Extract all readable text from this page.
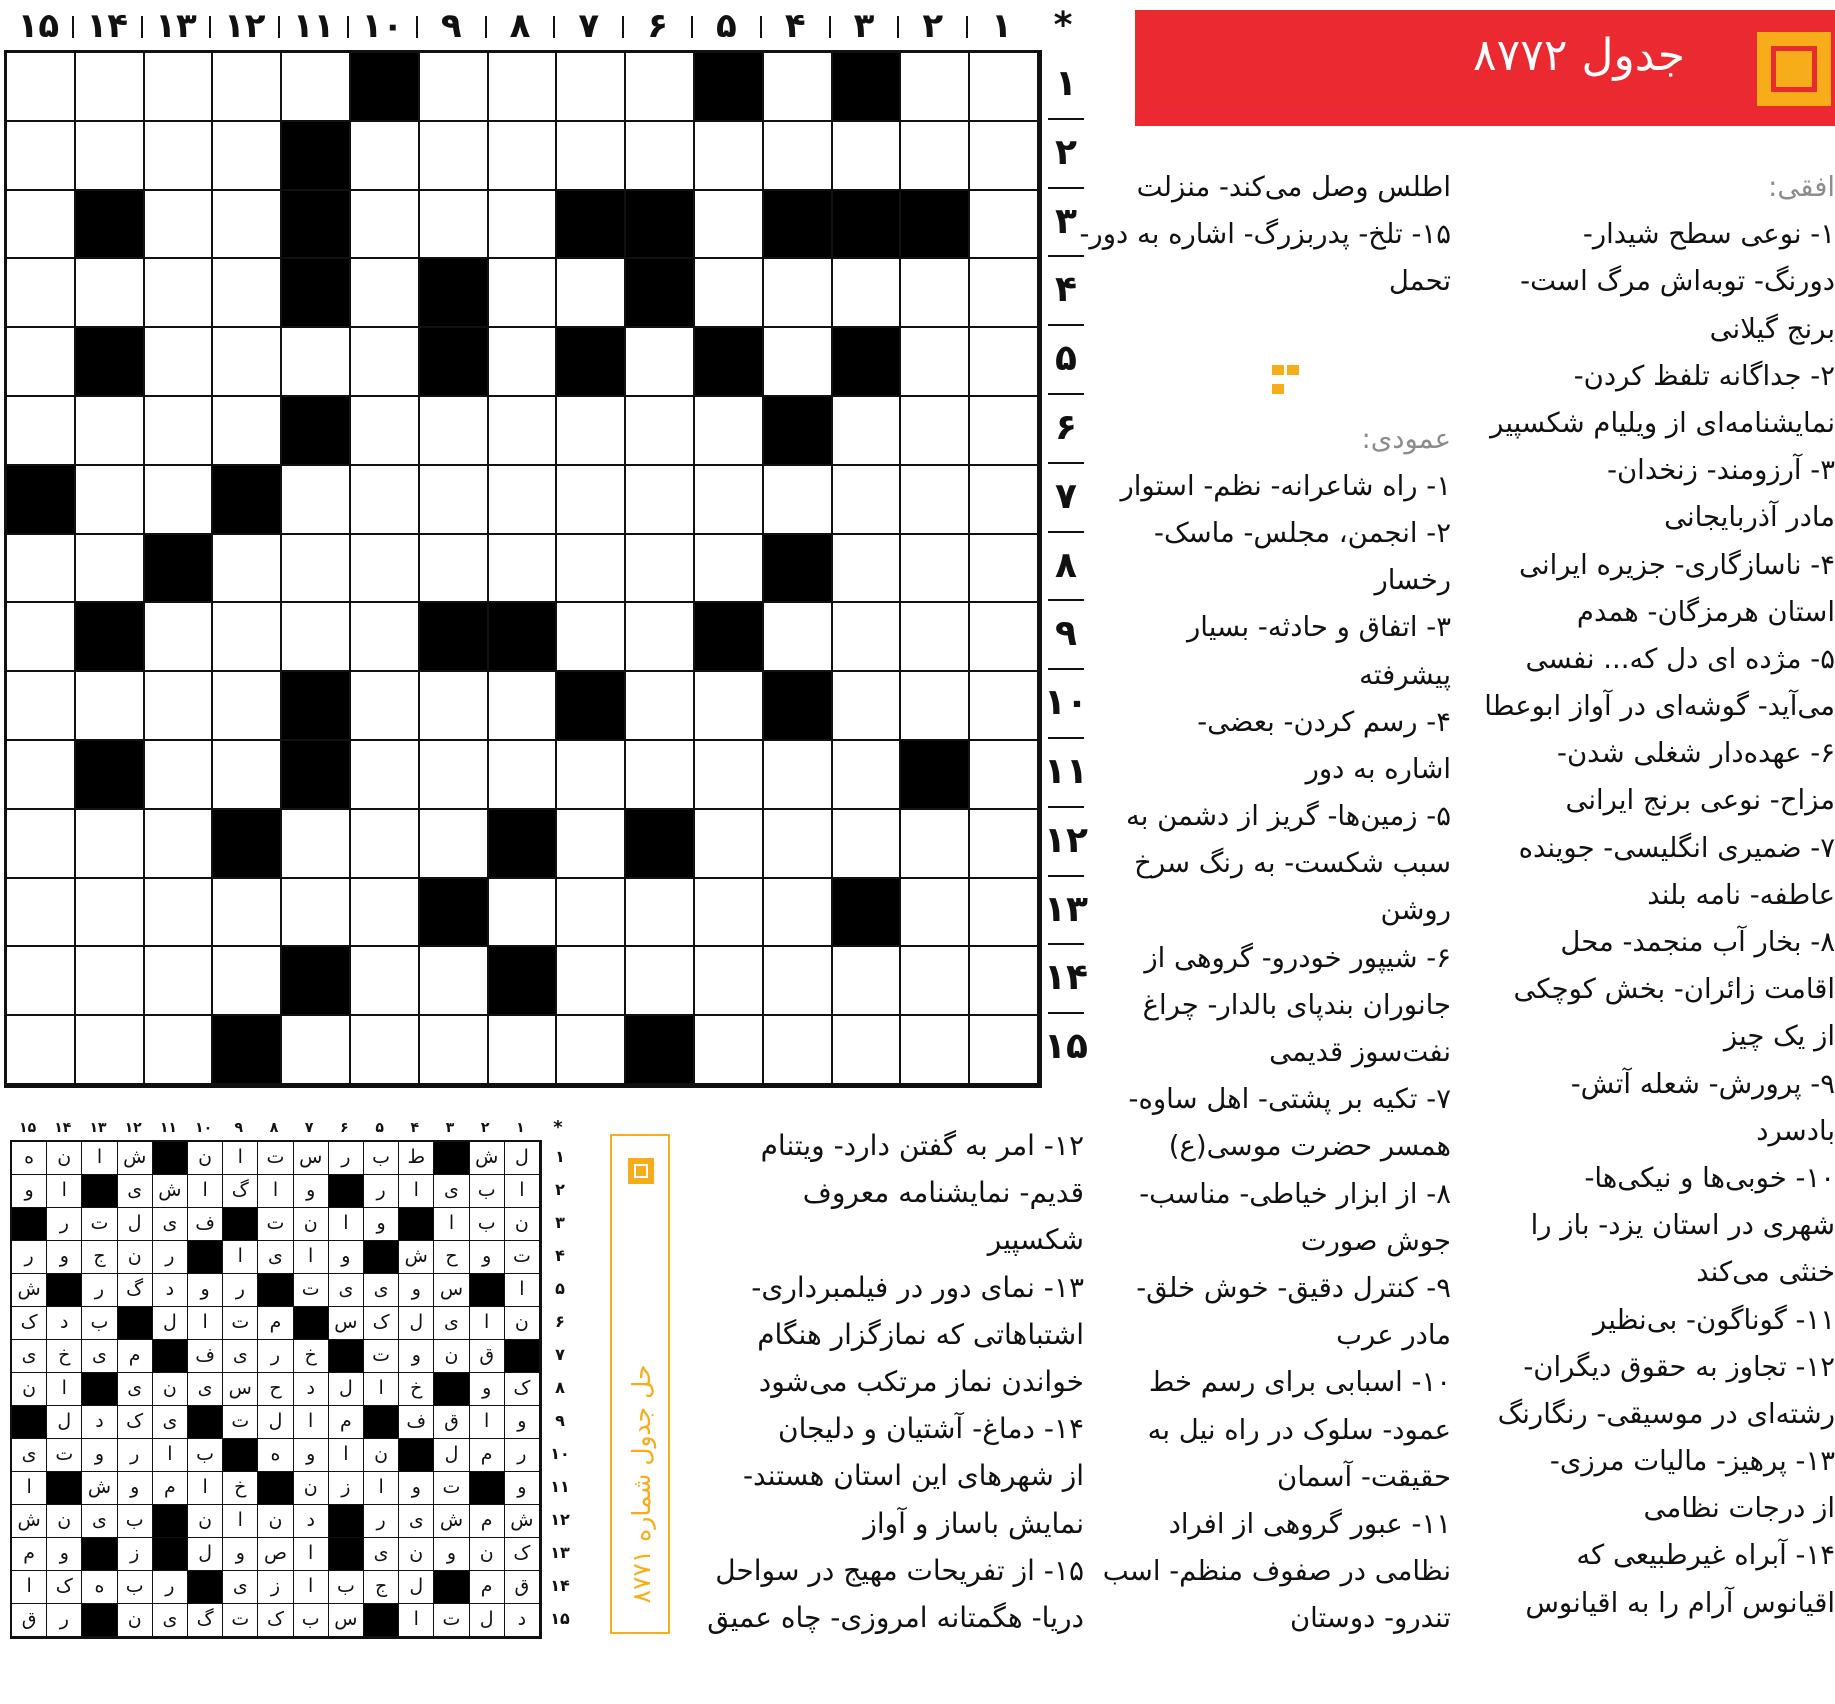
۱
۲
۳
۴
۵
۶
۷
۸
۹
۱۰
۱۱
۱۲
۱۳
۱۴
۱۵	*
۱
۲
۳
۴
۵
۶
۷
۸
۹
۱۰
۱۱
۱۲
۱۳
۱۴
۱۵
جدول ۸۷۷۲
افقی:
۱- نوعی سطح شیدار-
دورنگ- توبه‌اش مرگ است-
برنج گیلانی
۲- جداگانه تلفظ کردن-
نمایشنامه‌ای از ویلیام شکسپیر
۳- آرزومند- زنخدان-
مادر آذربایجانی
۴- ناسازگاری- جزیره ایرانی
استان هرمزگان- همدم
۵- مژده ای دل که... نفسی
می‌آید- گوشه‌ای در آواز ابوعطا
۶- عهده‌دار شغلی شدن-
مزاح- نوعی برنج ایرانی
۷- ضمیری انگلیسی- جوینده
عاطفه- نامه بلند
۸- بخار آب منجمد- محل
اقامت زائران- بخش کوچکی
از یک چیز
۹- پرورش- شعله آتش-
بادسرد
۱۰- خوبی‌ها و نیکی‌ها-
شهری در استان یزد- باز را
خنثی می‌کند
۱۱- گوناگون- بی‌نظیر
۱۲- تجاوز به حقوق دیگران-
رشته‌ای در موسیقی- رنگارنگ
۱۳- پرهیز- مالیات مرزی-
از درجات نظامی
۱۴- آبراه غیرطبیعی که
اقیانوس آرام را به اقیانوس
اطلس وصل می‌کند- منزلت
۱۵- تلخ- پدربزرگ- اشاره به دور-
تحمل
عمودی:
۱- راه شاعرانه- نظم- استوار
۲- انجمن، مجلس- ماسک-
رخسار
۳- اتفاق و حادثه- بسیار
پیشرفته
۴- رسم کردن- بعضی-
اشاره به دور
۵- زمین‌ها- گریز از دشمن به
سبب شکست- به رنگ سرخ
روشن
۶- شیپور خودرو- گروهی از
جانوران بندپای بالدار- چراغ
نفت‌سوز قدیمی
۷- تکیه بر پشتی- اهل ساوه-
همسر حضرت موسی(ع)
۸- از ابزار خیاطی- مناسب-
جوش صورت
۹- کنترل دقیق- خوش خلق-
مادر عرب
۱۰- اسبابی برای رسم خط
عمود- سلوک در راه نیل به
حقیقت- آسمان
۱۱- عبور گروهی از افراد
نظامی در صفوف منظم- اسب
تندرو- دوستان
۱۲- امر به گفتن دارد- ویتنام
قدیم- نمایشنامه معروف
شکسپیر
۱۳- نمای دور در فیلمبرداری-
اشتباهاتی که نمازگزار هنگام
خواندن نماز مرتکب می‌شود
۱۴- دماغ- آشتیان و دلیجان
از شهرهای این استان هستند-
نمایش باساز و آواز
۱۵- از تفریحات مهیج در سواحل
دریا- هگمتانه امروزی- چاه عمیق
حل جدول شماره ۸۷۷۱
۱
۲
۳
۴
۵
۶
۷
۸
۹
۱۰
۱۱
۱۲
۱۳
۱۴
۱۵	*
ل
ش
ط
ب
ر
س
ت
ا
ن
ش
ا
ن
ه
ا
ب
ی
ا
ر
و
ا
گ
ا
ش
ی
ا
و
ن
ب
ا
و
ا
ن
ت
ف
ی
ل
ت
ر
ت
و
ح
ش
و
ا
ی
ا
ر
ن
ج
و
ر
ا
س
و
ی
ی
ت
ر
و
د
گ
ر
ش
ن
ا
ی
ل
ک
س
م
ت
ا
ل
ب
د
ک
ق
ن
و
ت
خ
ر
ی
ف
م
ی
خ
ی
ک
و
خ
ا
ل
د
ح
س
ی
ن
ی
ا
ن
و
ا
ق
ف
م
ا
ل
ت
ی
ک
د
ل
ر
م
ل
ن
ا
و
ه
ب
ا
ر
و
ت
ی
و
ت
و
ا
ز
ن
خ
ا
م
و
ش
ا
ش
م
ش
ی
ر
د
ن
ا
ن
ب
ی
ن
ش
ک
ن
و
ن
ی
ا
ص
و
ل
ز
و
م
ق
م
ل
ج
ب
ا
ز
ی
ر
ب
ه
ک
ا
د
ل
ت
ا
س
ب
ک
ت
گ
ی
ن
ر
ق
۱
۲
۳
۴
۵
۶
۷
۸
۹
۱۰
۱۱
۱۲
۱۳
۱۴
۱۵
